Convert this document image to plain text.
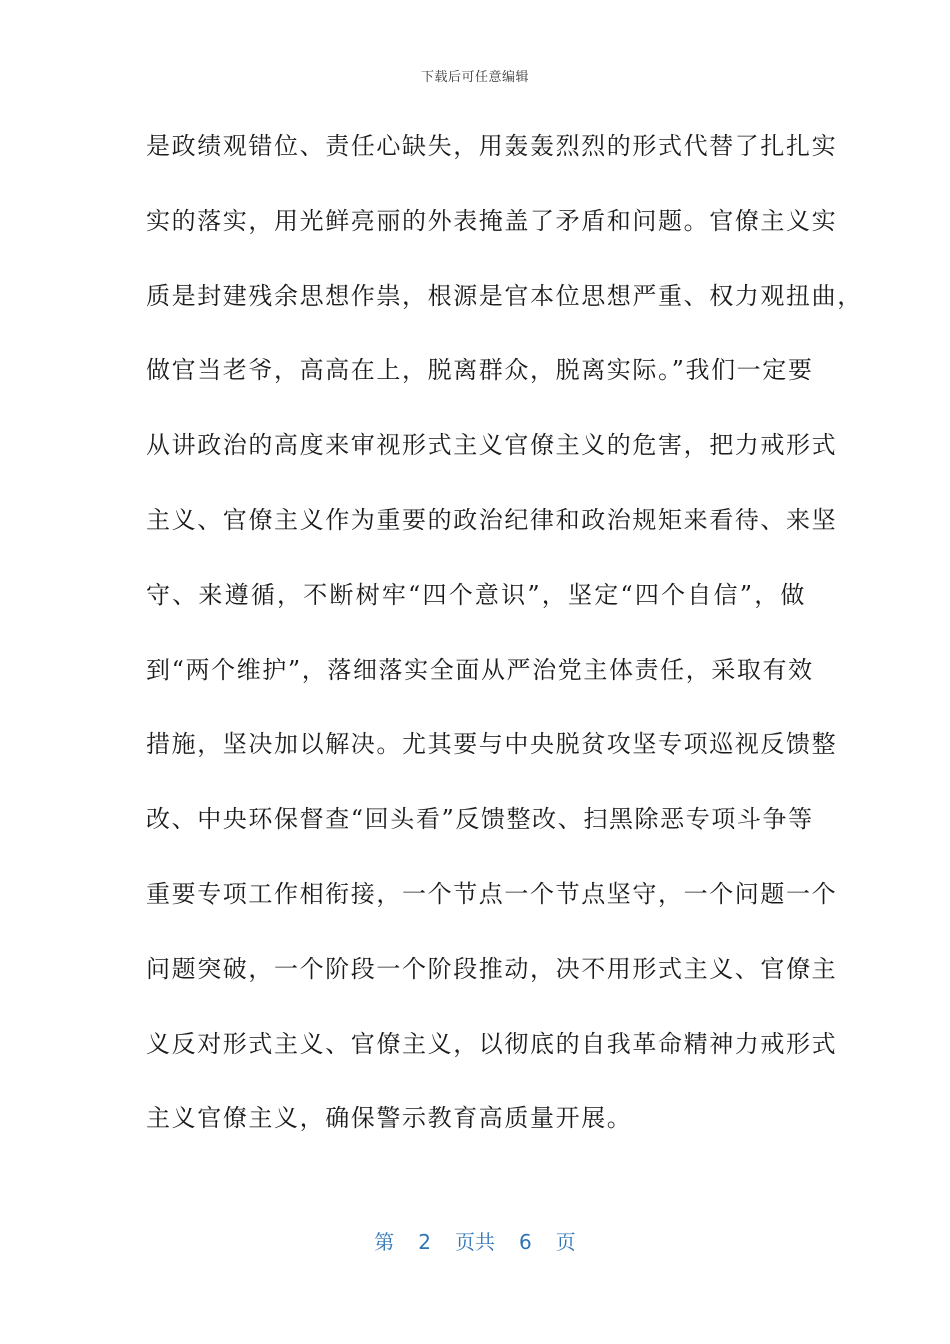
下载后可任意编辑
是政绩观错位、责任心缺失，用轰轰烈烈的形式代替了扎扎实
实的落实，用光鲜亮丽的外表掩盖了矛盾和问题。官僚主义实
质是封建残余思想作祟，根源是官本位思想严重、权力观扭曲，
做官当老爷，高高在上，脱离群众，脱离实际。”我们一定要
从讲政治的高度来审视形式主义官僚主义的危害，把力戒形式
主义、官僚主义作为重要的政治纪律和政治规矩来看待、来坚
守、来遵循，不断树牢“四个意识”，坚定“四个自信”，做
到“两个维护”，落细落实全面从严治党主体责任，采取有效
措施，坚决加以解决。尤其要与中央脱贫攻坚专项巡视反馈整
改、中央环保督查“回头看”反馈整改、扫黑除恶专项斗争等
重要专项工作相衔接，一个节点一个节点坚守，一个问题一个
问题突破，一个阶段一个阶段推动，决不用形式主义、官僚主
义反对形式主义、官僚主义，以彻底的自我革命精神力戒形式
主义官僚主义，确保警示教育高质量开展。
第 2 页共 6 页
